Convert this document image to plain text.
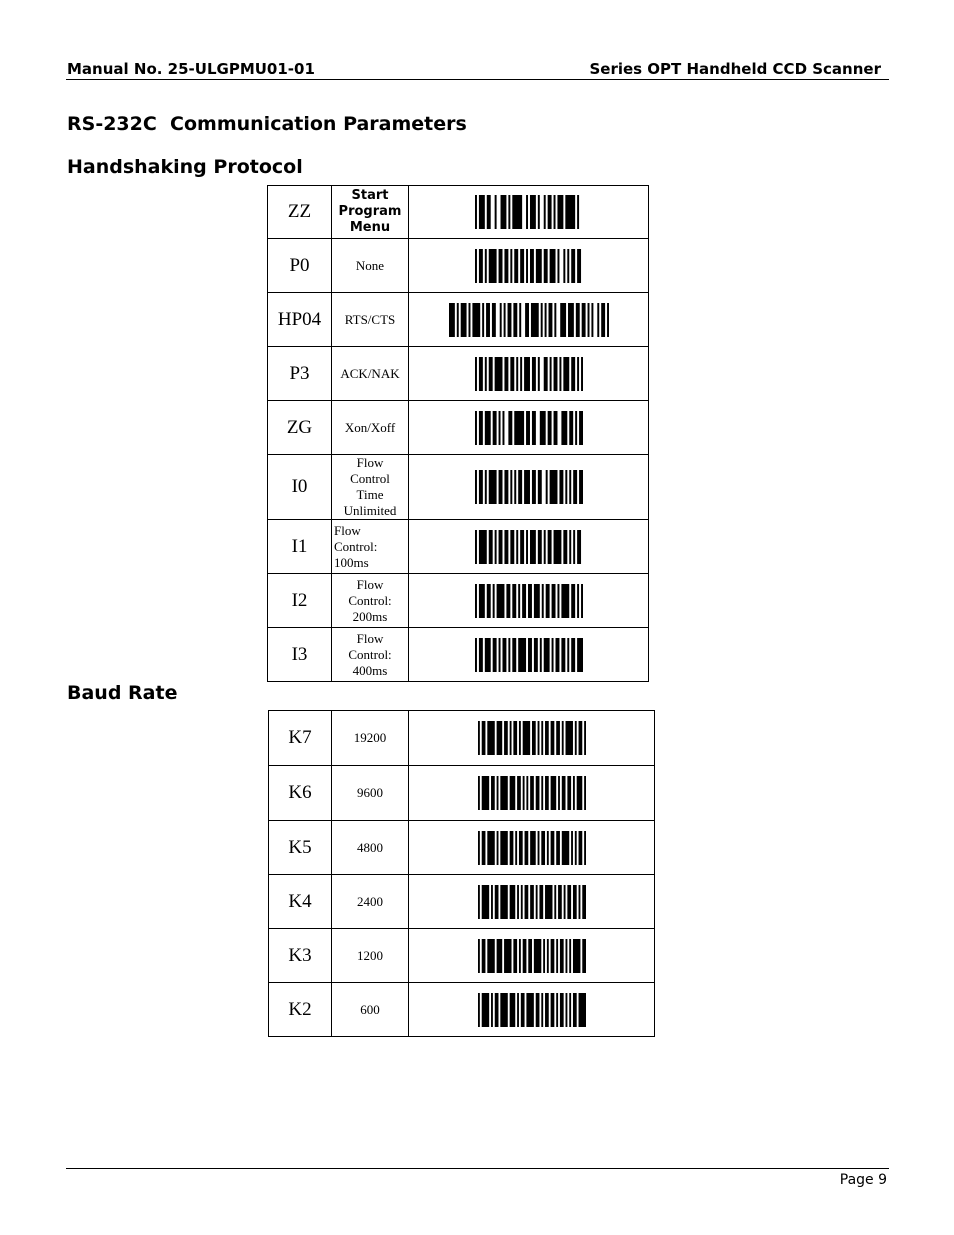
Manual No. 25-ULGPMU01-01	Series OPT Handheld CCD Scanner
RS-232C  Communication Parameters
Handshaking Protocol
ZZ	Start
Program
Menu

P0	None

HP04	RTS/CTS

P3	ACK/NAK

ZG	Xon/Xoff

I0	Flow
Control
Time
Unlimited

I1	Flow
Control:
100ms

I2	Flow
Control:
200ms

I3	Flow
Control:
400ms

Baud Rate
K7	19200	

K6	9600	

K5	4800	

K4	2400	

K3	1200	

K2	600	
Page 9
